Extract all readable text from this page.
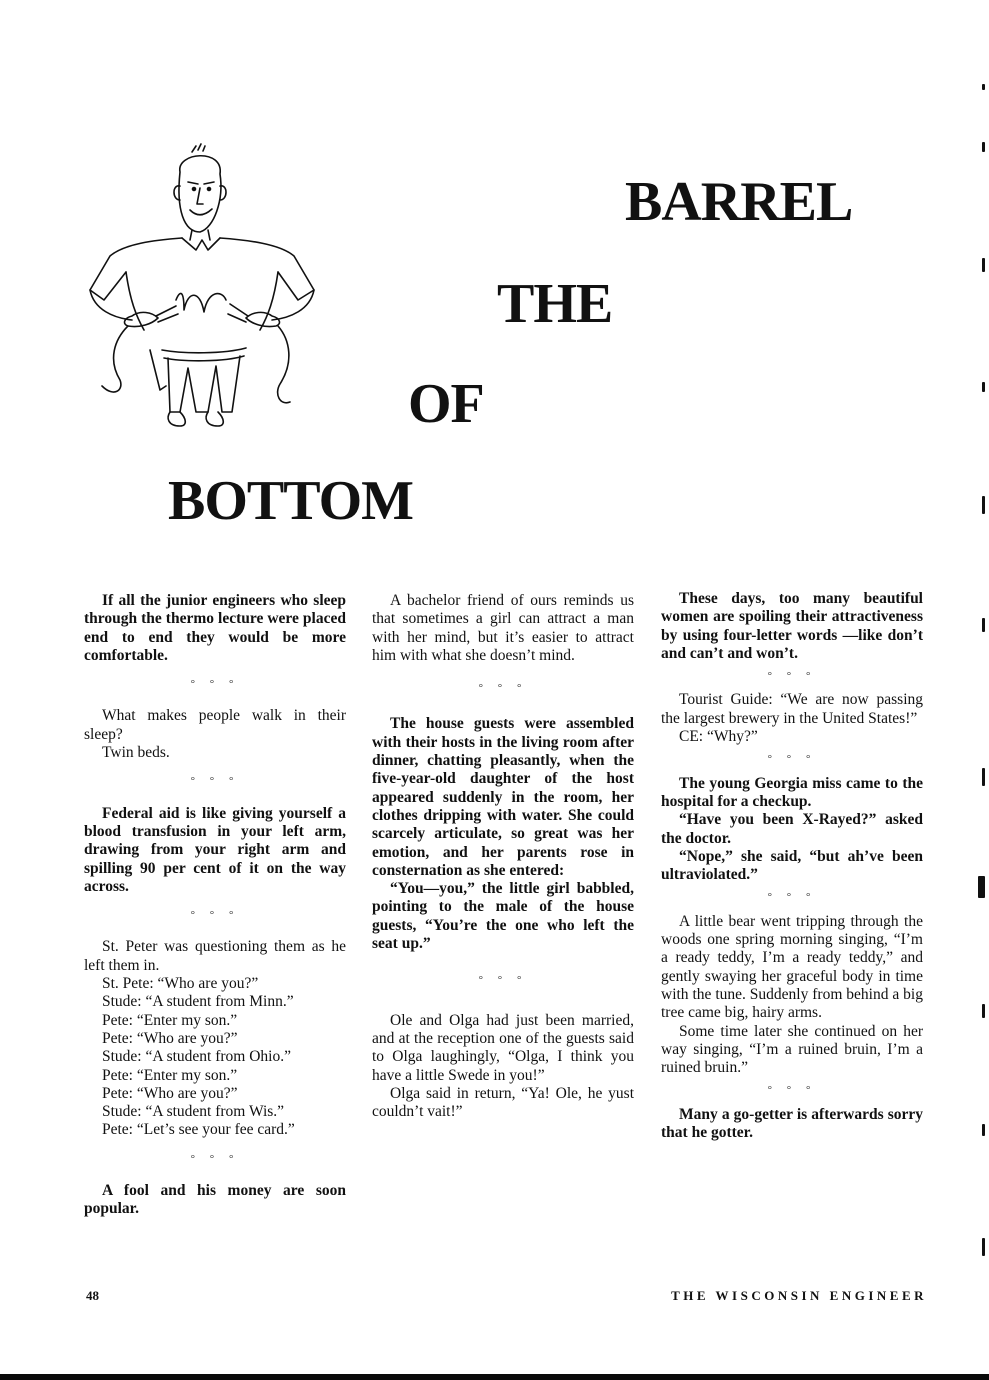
BARREL
THE
OF
BOTTOM

If all the junior engineers who sleep through the thermo lecture were placed end to end they would be more comfortable.

° ° °

What makes people walk in their sleep?

Twin beds.

° ° °

Federal aid is like giving yourself a blood transfusion in your left arm, drawing from your right arm and spilling 90 per cent of it on the way across.

° ° °

St. Peter was questioning them as he left them in.

St. Pete: “Who are you?”

Stude: “A student from Minn.”

Pete: “Enter my son.”

Pete: “Who are you?”

Stude: “A student from Ohio.”

Pete: “Enter my son.”

Pete: “Who are you?”

Stude: “A student from Wis.”

Pete: “Let’s see your fee card.”

° ° °

A fool and his money are soon popular.

A bachelor friend of ours reminds us that sometimes a girl can attract a man with her mind, but it’s easier to attract him with what she doesn’t mind.

° ° °

The house guests were assembled with their hosts in the living room after dinner, chatting pleasantly, when the five-year-old daughter of the host appeared suddenly in the room, her clothes dripping with water. She could scarcely articulate, so great was her emotion, and her parents rose in consternation as she entered:

“You—you,” the little girl babbled, pointing to the male of the house guests, “You’re the one who left the seat up.”

° ° °

Ole and Olga had just been married, and at the reception one of the guests said to Olga laughingly, “Olga, I think you have a little Swede in you!”

Olga said in return, “Ya! Ole, he yust couldn’t vait!”

These days, too many beautiful women are spoiling their attractiveness by using four-letter words —like don’t and can’t and won’t.

° ° °

Tourist Guide: “We are now passing the largest brewery in the United States!”

CE: “Why?”

° ° °

The young Georgia miss came to the hospital for a checkup.

“Have you been X-Rayed?” asked the doctor.

“Nope,” she said, “but ah’ve been ultraviolated.”

° ° °

A little bear went tripping through the woods one spring morning singing, “I’m a ready teddy, I’m a ready teddy,” and gently swaying her graceful body in time with the tune. Suddenly from behind a big tree came big, hairy arms.

Some time later she continued on her way singing, “I’m a ruined bruin, I’m a ruined bruin.”

° ° °

Many a go-getter is afterwards sorry that he gotter.

48	THE WISCONSIN ENGINEER
